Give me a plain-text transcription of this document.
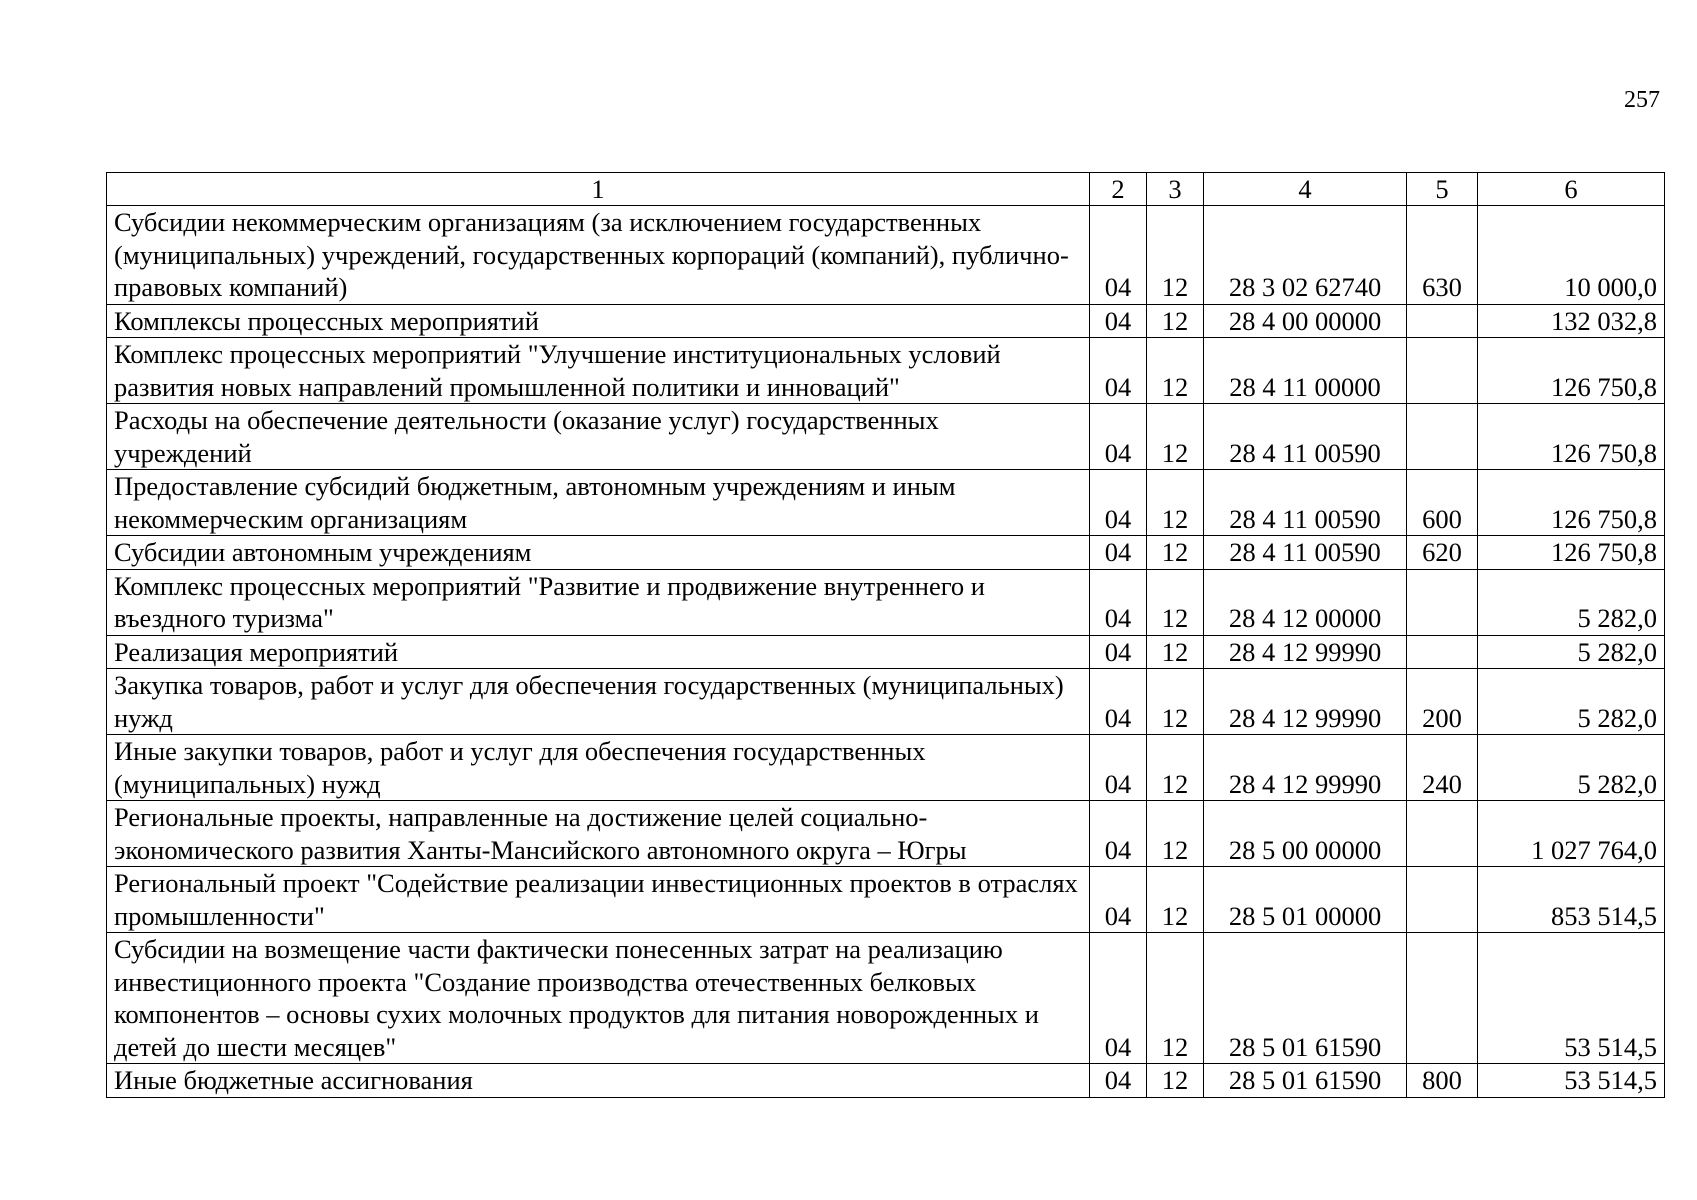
257
1	2	3	4	5	6
Субсидии некоммерческим организациям (за исключением государственных (муниципальных) учреждений, государственных корпораций (компаний), публично-правовых компаний)	04	12	28 3 02 62740	630	10 000,0
Комплексы процессных мероприятий	04	12	28 4 00 00000		132 032,8
Комплекс процессных мероприятий "Улучшение институциональных условий развития новых направлений промышленной политики и инноваций"	04	12	28 4 11 00000		126 750,8
Расходы на обеспечение деятельности (оказание услуг) государственных учреждений	04	12	28 4 11 00590		126 750,8
Предоставление субсидий бюджетным, автономным учреждениям и иным некоммерческим организациям	04	12	28 4 11 00590	600	126 750,8
Субсидии автономным учреждениям	04	12	28 4 11 00590	620	126 750,8
Комплекс процессных мероприятий "Развитие и продвижение внутреннего и въездного туризма"	04	12	28 4 12 00000		5 282,0
Реализация мероприятий	04	12	28 4 12 99990		5 282,0
Закупка товаров, работ и услуг для обеспечения государственных (муниципальных) нужд	04	12	28 4 12 99990	200	5 282,0
Иные закупки товаров, работ и услуг для обеспечения государственных (муниципальных) нужд	04	12	28 4 12 99990	240	5 282,0
Региональные проекты, направленные на достижение целей социально-экономического развития Ханты-Мансийского автономного округа – Югры	04	12	28 5 00 00000		1 027 764,0
Региональный проект "Содействие реализации инвестиционных проектов в отраслях промышленности"	04	12	28 5 01 00000		853 514,5
Субсидии на возмещение части фактически понесенных затрат на реализацию инвестиционного проекта "Создание производства отечественных белковых компонентов – основы сухих молочных продуктов для питания новорожденных и детей до шести месяцев"	04	12	28 5 01 61590		53 514,5
Иные бюджетные ассигнования	04	12	28 5 01 61590	800	53 514,5
